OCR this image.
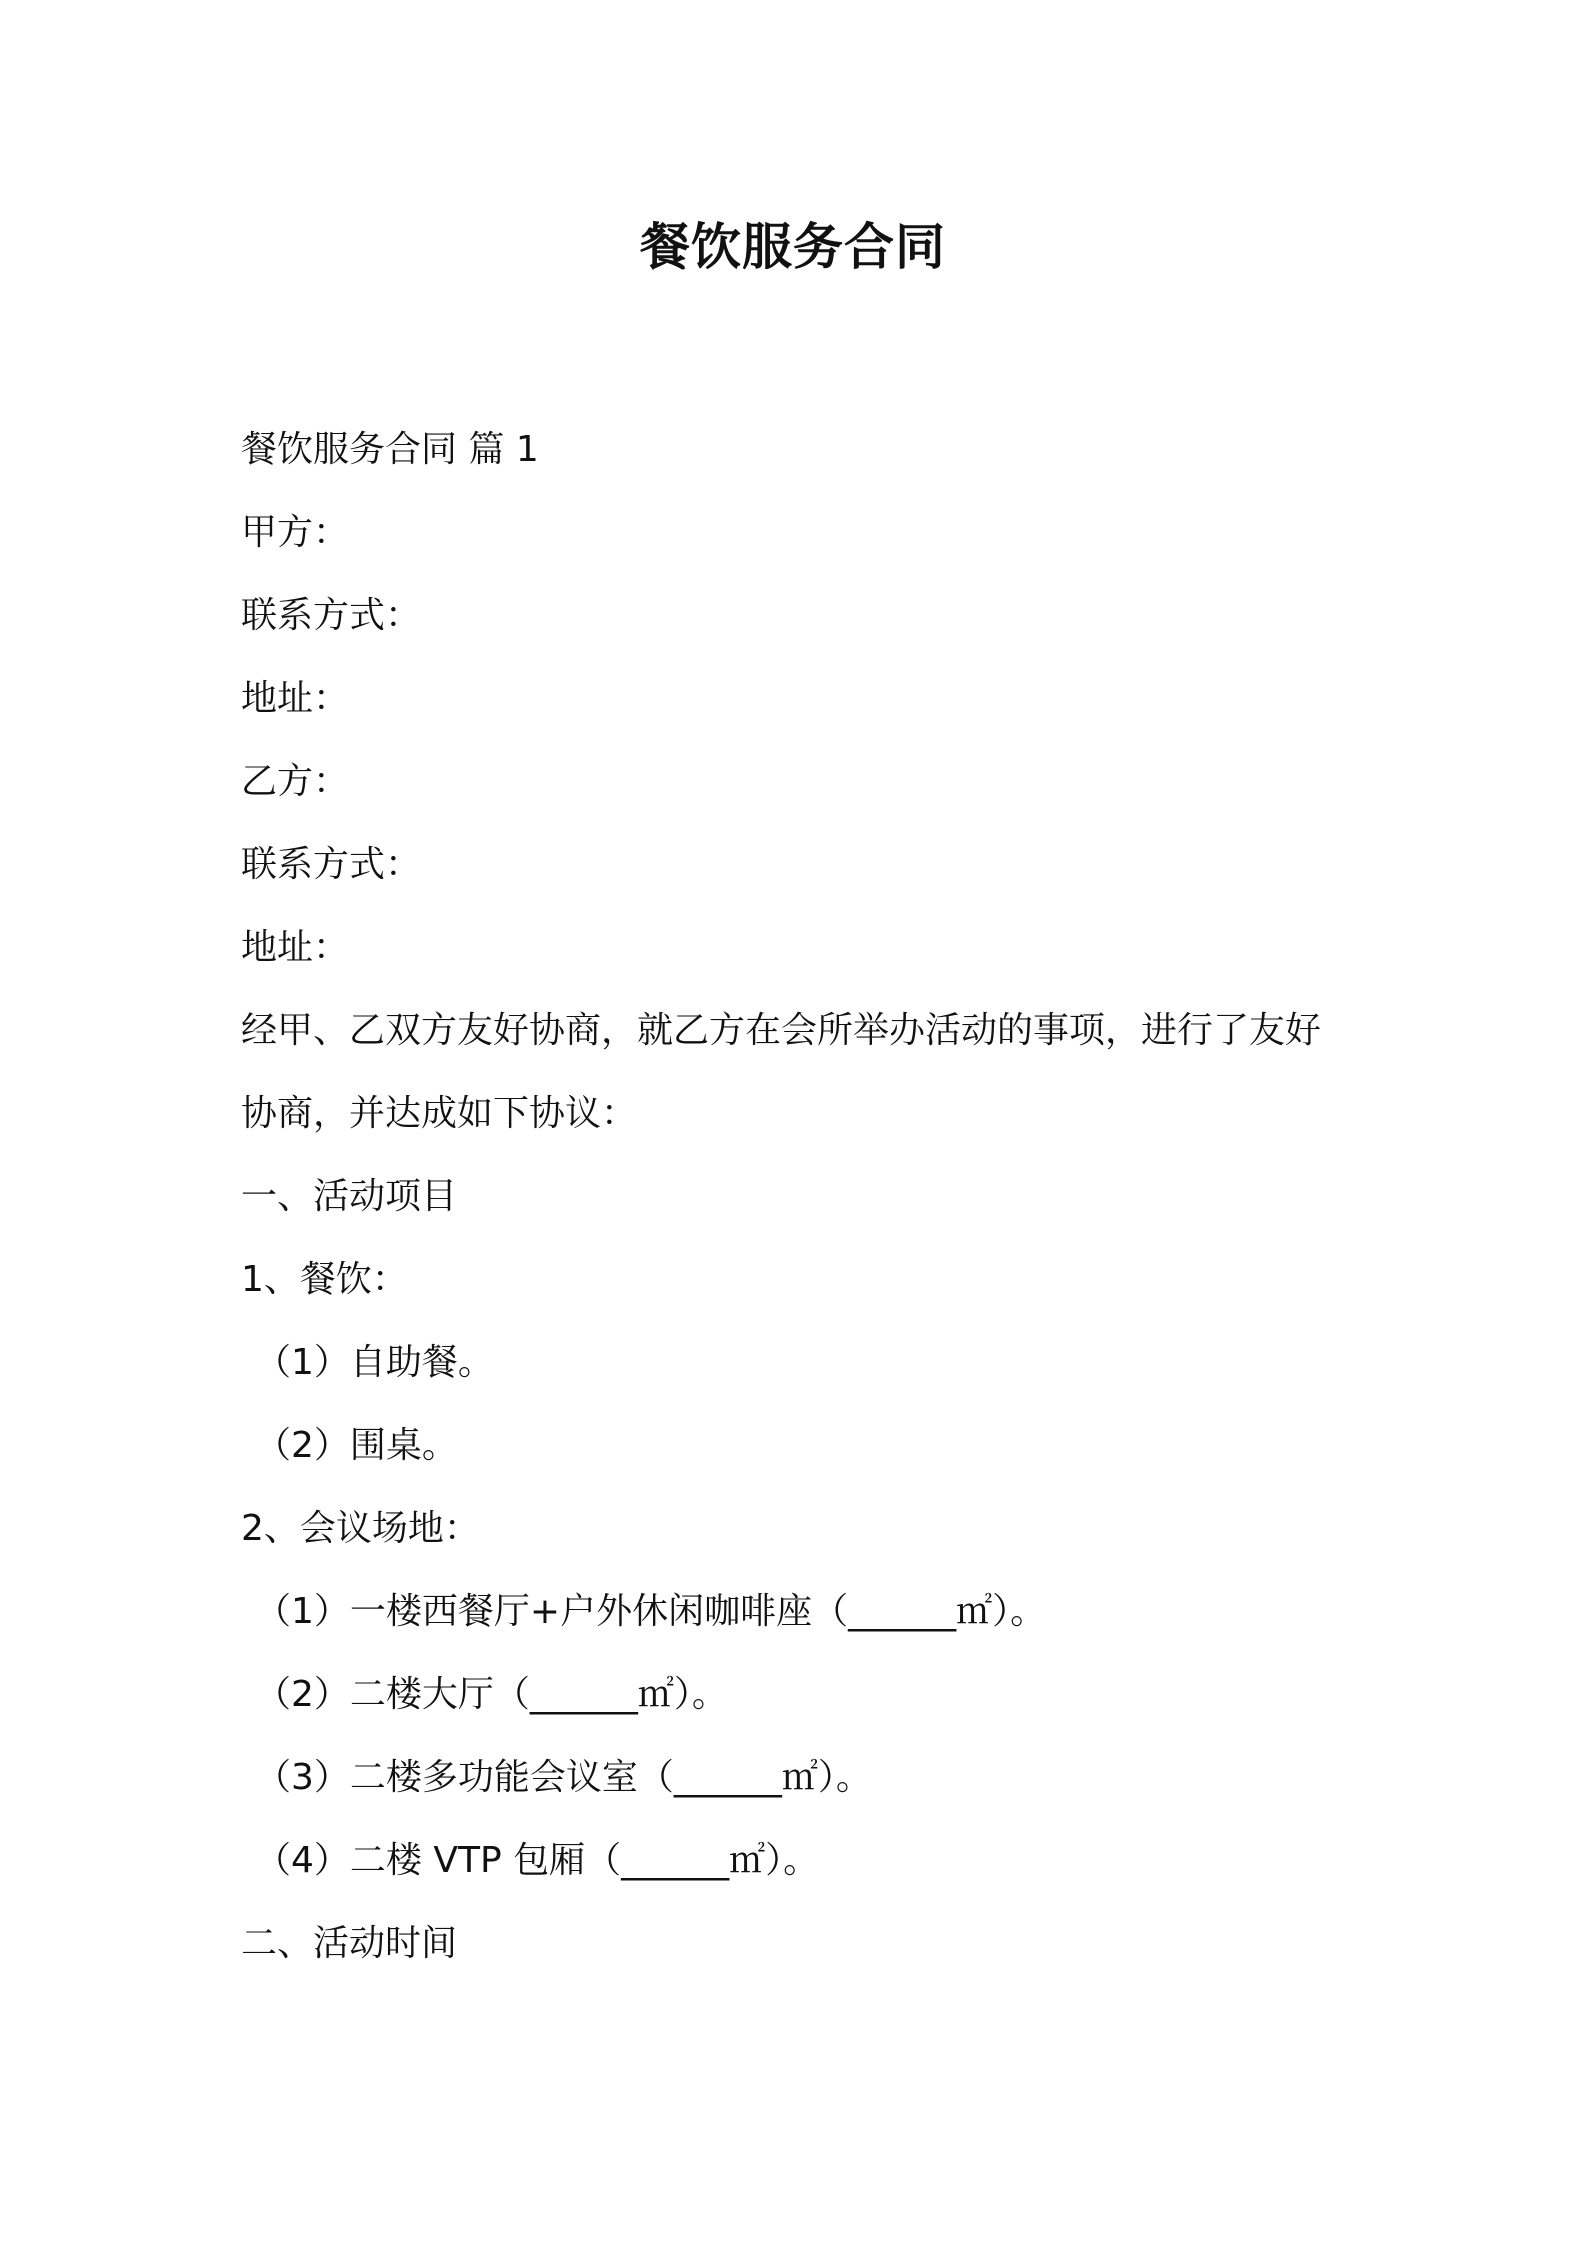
餐饮服务合同

餐饮服务合同 篇 1

甲方：

联系方式：

地址：

乙方：

联系方式：

地址：

经甲、乙双方友好协商，就乙方在会所举办活动的事项，进行了友好

协商，并达成如下协议：

一、活动项目

1、餐饮：

（1）自助餐。

（2）围桌。

2、会议场地：

（1）一楼西餐厅+户外休闲咖啡座（______㎡）。

（2）二楼大厅（______㎡）。

（3）二楼多功能会议室（______㎡）。

（4）二楼 VTP 包厢（______㎡）。

二、活动时间
